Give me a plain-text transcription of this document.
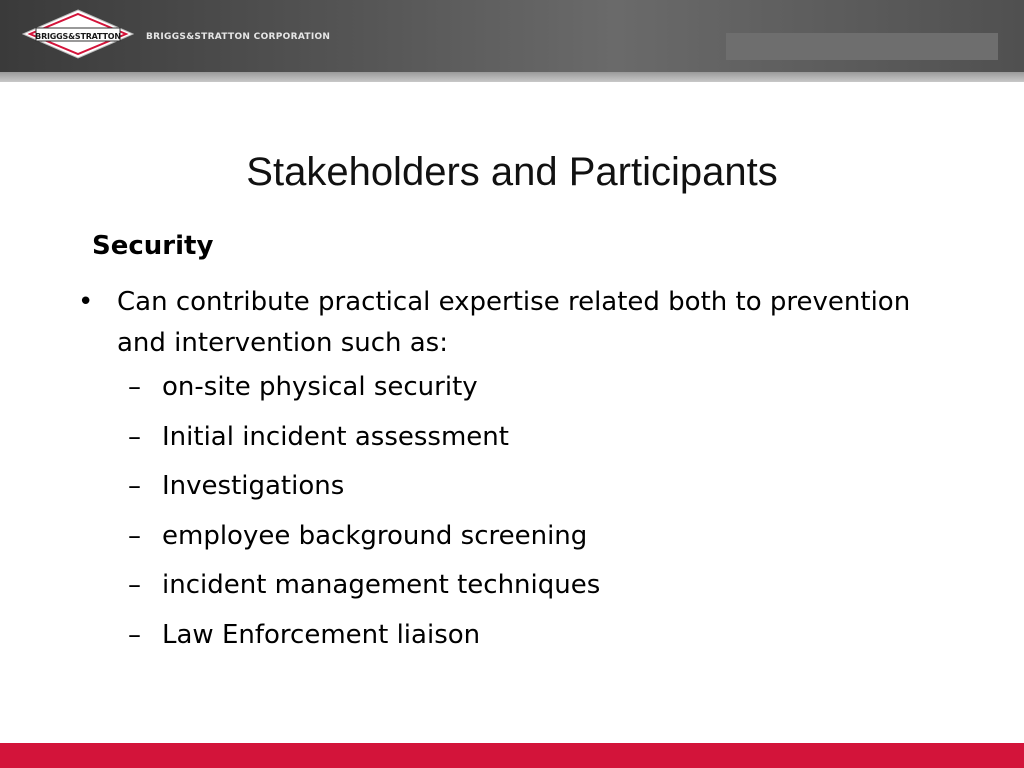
BRIGGS&STRATTON	BRIGGS&STRATTON CORPORATION
Stakeholders and Participants
Security
• Can contribute practical expertise related both to prevention and intervention such as:
– on-site physical security
– Initial incident assessment
– Investigations
– employee background screening
– incident management techniques
– Law Enforcement liaison
